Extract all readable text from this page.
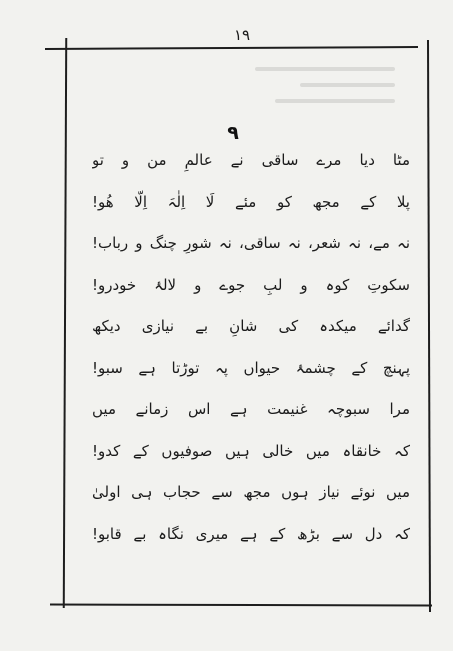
۱۹
۹
مٹا دیا مرے ساقی نے عالمِ من و تو
پلا کے مجھ کو مئے لَا اِلٰہَ اِلّا ھُو!
نہ مے، نہ شعر، نہ ساقی، نہ شورِ چنگ و رباب!
سکوتِ کوہ و لبِ جوے و لالۂ خودرو!
گدائے میکدہ کی شانِ بے نیازی دیکھ
پہنچ کے چشمۂ حیواں پہ توڑتا ہے سبو!
مرا سبوچہ غنیمت ہے اس زمانے میں
کہ خانقاہ میں خالی ہیں صوفیوں کے کدو!
میں نوئے نیاز ہوں مجھ سے حجاب ہی اولیٰ
کہ دل سے بڑھ کے ہے میری نگاہ بے قابو!
